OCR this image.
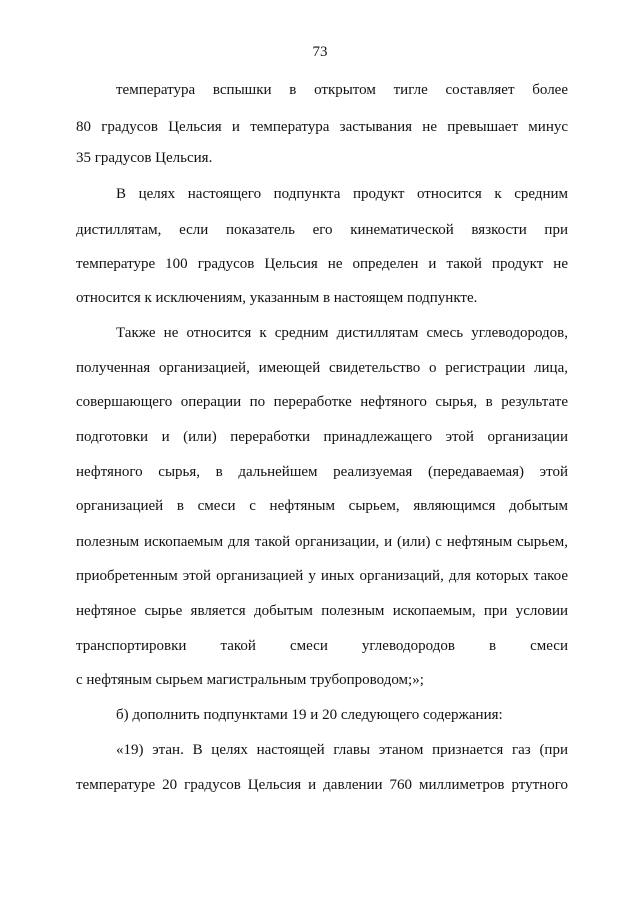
73
температура вспышки в открытом тигле составляет более
80 градусов Цельсия и температура застывания не превышает минус
35 градусов Цельсия.
В целях настоящего подпункта продукт относится к средним
дистиллятам, если показатель его кинематической вязкости при
температуре 100 градусов Цельсия не определен и такой продукт не
относится к исключениям, указанным в настоящем подпункте.
Также не относится к средним дистиллятам смесь углеводородов,
полученная организацией, имеющей свидетельство о регистрации лица,
совершающего операции по переработке нефтяного сырья, в результате
подготовки и (или) переработки принадлежащего этой организации
нефтяного сырья, в дальнейшем реализуемая (передаваемая) этой
организацией в смеси с нефтяным сырьем, являющимся добытым
полезным ископаемым для такой организации, и (или) с нефтяным сырьем,
приобретенным этой организацией у иных организаций, для которых такое
нефтяное сырье является добытым полезным ископаемым, при условии
транспортировки такой смеси углеводородов в смеси
с нефтяным сырьем магистральным трубопроводом;»;
б) дополнить подпунктами 19 и 20 следующего содержания:
«19) этан. В целях настоящей главы этаном признается газ (при
температуре 20 градусов Цельсия и давлении 760 миллиметров ртутного
